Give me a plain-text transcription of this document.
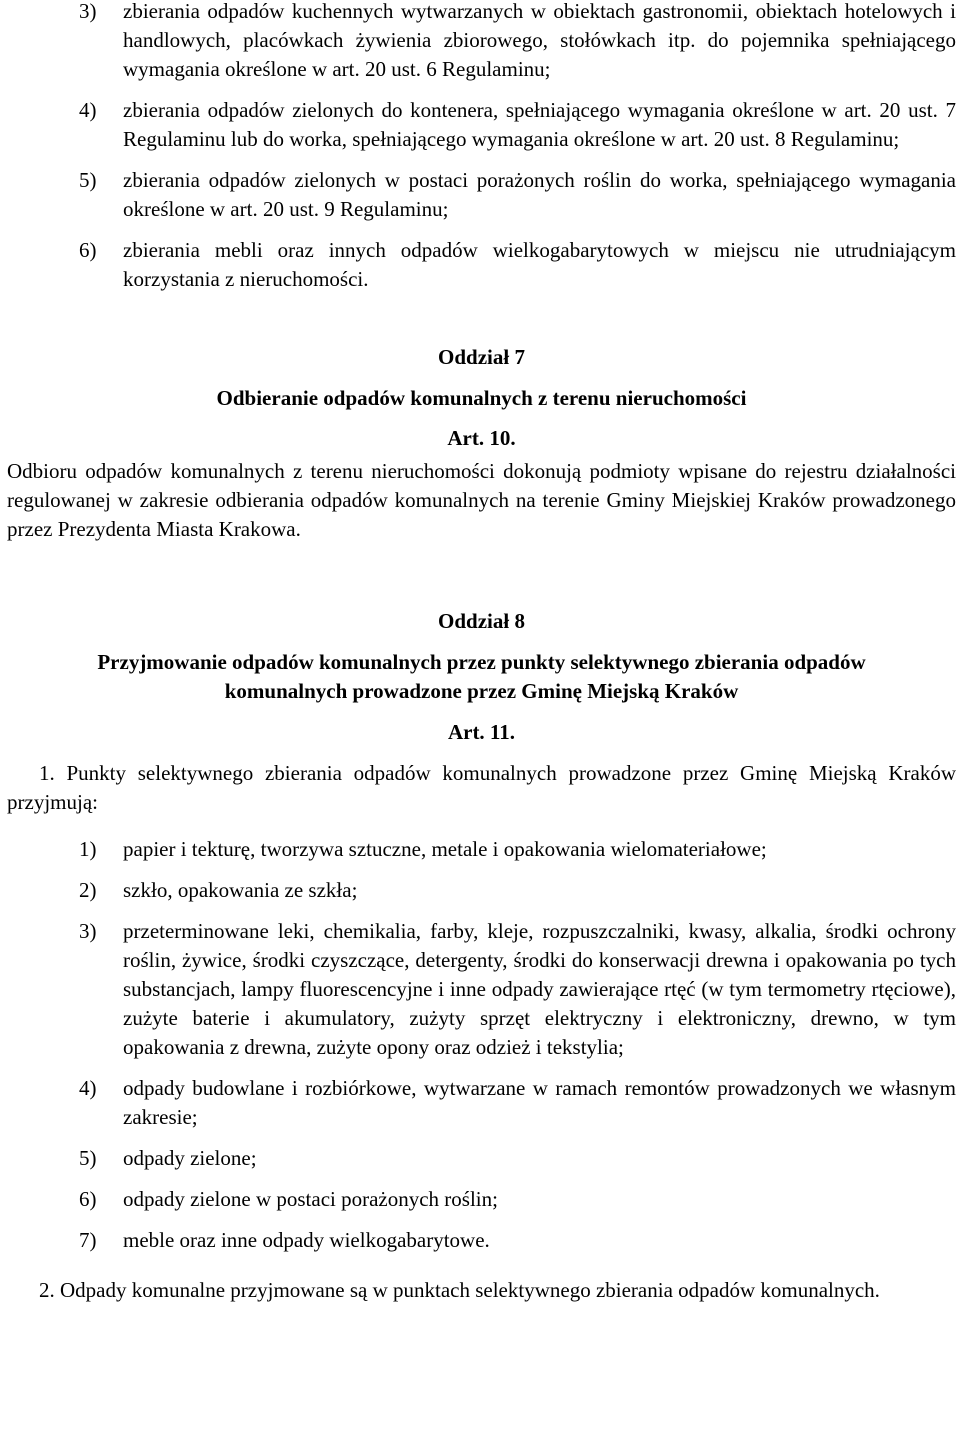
3) zbierania odpadów kuchennych wytwarzanych w obiektach gastronomii, obiektach hotelowych i handlowych, placówkach żywienia zbiorowego, stołówkach itp. do pojemnika spełniającego wymagania określone w art. 20 ust. 6 Regulaminu;
4) zbierania odpadów zielonych do kontenera, spełniającego wymagania określone w art. 20 ust. 7 Regulaminu lub do worka, spełniającego wymagania określone w art. 20 ust. 8 Regulaminu;
5) zbierania odpadów zielonych w postaci porażonych roślin do worka, spełniającego wymagania określone w art. 20 ust. 9 Regulaminu;
6) zbierania mebli oraz innych odpadów wielkogabarytowych w miejscu nie utrudniającym korzystania z nieruchomości.
Oddział 7
Odbieranie odpadów komunalnych z terenu nieruchomości
Art. 10.
Odbioru odpadów komunalnych z terenu nieruchomości dokonują podmioty wpisane do rejestru działalności regulowanej w zakresie odbierania odpadów komunalnych na terenie Gminy Miejskiej Kraków prowadzonego przez Prezydenta Miasta Krakowa.
Oddział 8
Przyjmowanie odpadów komunalnych przez punkty selektywnego zbierania odpadów
komunalnych prowadzone przez Gminę Miejską Kraków
Art. 11.
1. Punkty selektywnego zbierania odpadów komunalnych prowadzone przez Gminę Miejską Kraków przyjmują:
1) papier i tekturę, tworzywa sztuczne, metale i opakowania wielomateriałowe;
2) szkło, opakowania ze szkła;
3) przeterminowane leki, chemikalia, farby, kleje, rozpuszczalniki, kwasy, alkalia, środki ochrony roślin, żywice, środki czyszczące, detergenty, środki do konserwacji drewna i opakowania po tych substancjach, lampy fluorescencyjne i inne odpady zawierające rtęć (w tym termometry rtęciowe), zużyte baterie i akumulatory, zużyty sprzęt elektryczny i elektroniczny, drewno, w tym opakowania z drewna, zużyte opony oraz odzież i tekstylia;
4) odpady budowlane i rozbiórkowe, wytwarzane w ramach remontów prowadzonych we własnym zakresie;
5) odpady zielone;
6) odpady zielone w postaci porażonych roślin;
7) meble oraz inne odpady wielkogabarytowe.
2. Odpady komunalne przyjmowane są w punktach selektywnego zbierania odpadów komunalnych.
